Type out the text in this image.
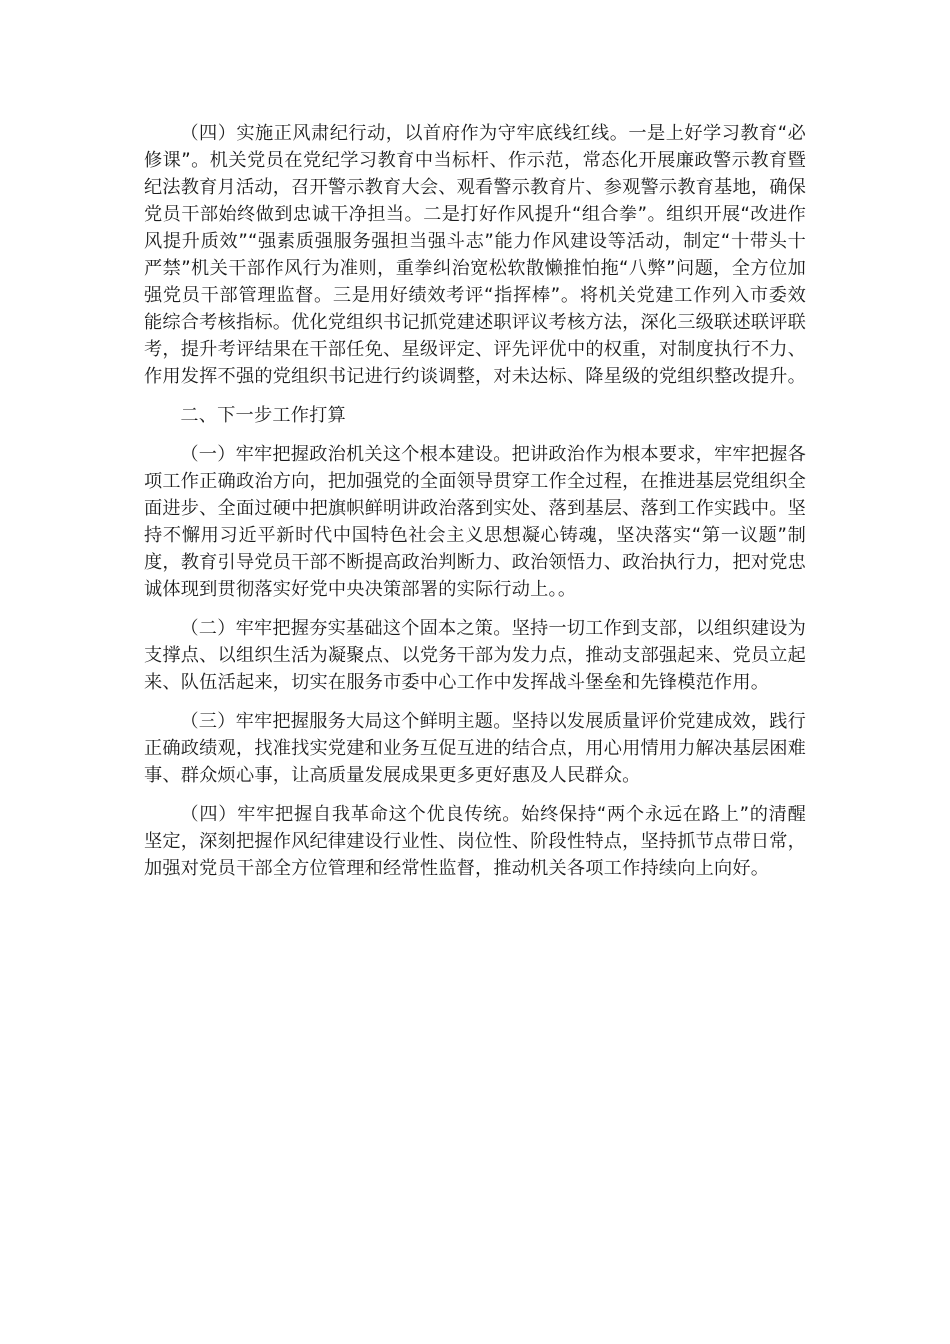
（四）实施正风肃纪行动，以首府作为守牢底线红线。一是上好学习教育“必修课”。机关党员在党纪学习教育中当标杆、作示范，常态化开展廉政警示教育暨纪法教育月活动，召开警示教育大会、观看警示教育片、参观警示教育基地，确保党员干部始终做到忠诚干净担当。二是打好作风提升“组合拳”。组织开展“改进作风提升质效”“强素质强服务强担当强斗志”能力作风建设等活动，制定“十带头十严禁”机关干部作风行为准则，重拳纠治宽松软散懒推怕拖“八弊”问题，全方位加强党员干部管理监督。三是用好绩效考评“指挥棒”。将机关党建工作列入市委效能综合考核指标。优化党组织书记抓党建述职评议考核方法，深化三级联述联评联考，提升考评结果在干部任免、星级评定、评先评优中的权重，对制度执行不力、作用发挥不强的党组织书记进行约谈调整，对未达标、降星级的党组织整改提升。

二、下一步工作打算

（一）牢牢把握政治机关这个根本建设。把讲政治作为根本要求，牢牢把握各项工作正确政治方向，把加强党的全面领导贯穿工作全过程，在推进基层党组织全面进步、全面过硬中把旗帜鲜明讲政治落到实处、落到基层、落到工作实践中。坚持不懈用习近平新时代中国特色社会主义思想凝心铸魂，坚决落实“第一议题”制度，教育引导党员干部不断提高政治判断力、政治领悟力、政治执行力，把对党忠诚体现到贯彻落实好党中央决策部署的实际行动上。。

（二）牢牢把握夯实基础这个固本之策。坚持一切工作到支部，以组织建设为支撑点、以组织生活为凝聚点、以党务干部为发力点，推动支部强起来、党员立起来、队伍活起来，切实在服务市委中心工作中发挥战斗堡垒和先锋模范作用。

（三）牢牢把握服务大局这个鲜明主题。坚持以发展质量评价党建成效，践行正确政绩观，找准找实党建和业务互促互进的结合点，用心用情用力解决基层困难事、群众烦心事，让高质量发展成果更多更好惠及人民群众。

（四）牢牢把握自我革命这个优良传统。始终保持“两个永远在路上”的清醒坚定，深刻把握作风纪律建设行业性、岗位性、阶段性特点，坚持抓节点带日常，加强对党员干部全方位管理和经常性监督，推动机关各项工作持续向上向好。
